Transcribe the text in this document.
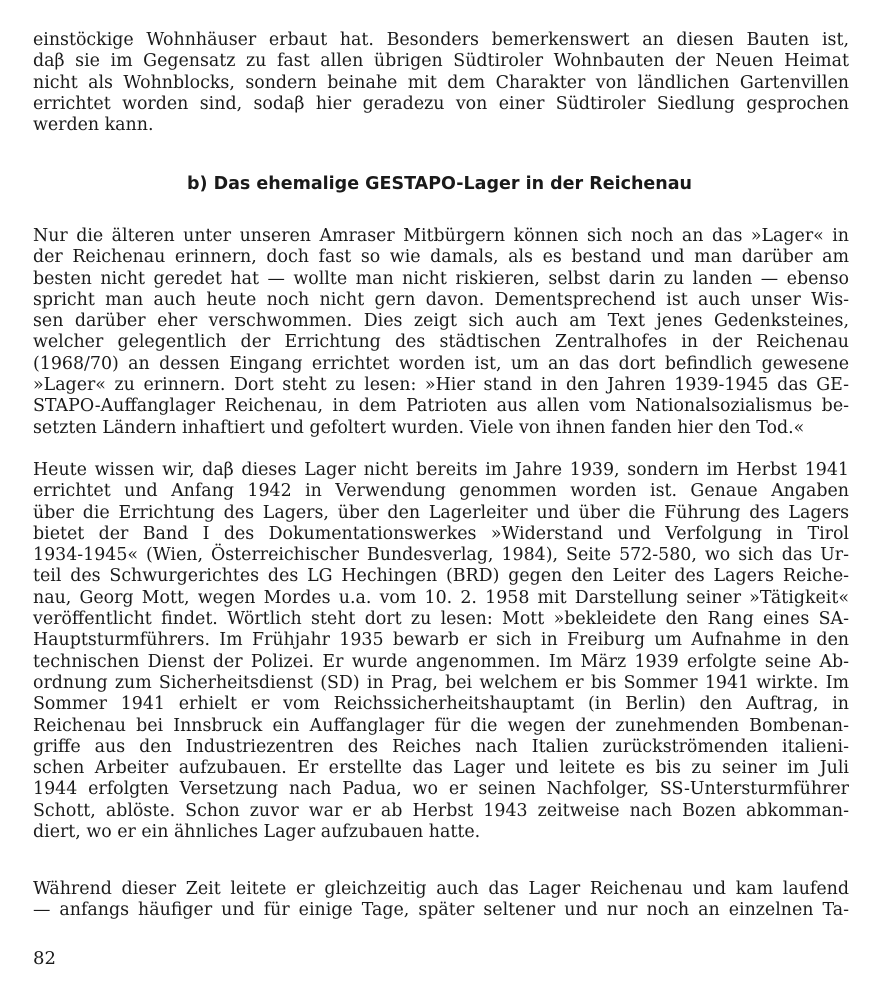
einstöckige Wohnhäuser erbaut hat. Besonders bemerkenswert an diesen Bauten ist,
daβ sie im Gegensatz zu fast allen übrigen Südtiroler Wohnbauten der Neuen Heimat
nicht als Wohnblocks, sondern beinahe mit dem Charakter von ländlichen Gartenvillen
errichtet worden sind, sodaβ hier geradezu von einer Südtiroler Siedlung gesprochen
werden kann.
b) Das ehemalige GESTAPO-Lager in der Reichenau
Nur die älteren unter unseren Amraser Mitbürgern können sich noch an das »Lager« in
der Reichenau erinnern, doch fast so wie damals, als es bestand und man darüber am
besten nicht geredet hat — wollte man nicht riskieren, selbst darin zu landen — ebenso
spricht man auch heute noch nicht gern davon. Dementsprechend ist auch unser Wis-
sen darüber eher verschwommen. Dies zeigt sich auch am Text jenes Gedenksteines,
welcher gelegentlich der Errichtung des städtischen Zentralhofes in der Reichenau
(1968/70) an dessen Eingang errichtet worden ist, um an das dort befindlich gewesene
»Lager« zu erinnern. Dort steht zu lesen: »Hier stand in den Jahren 1939-1945 das GE-
STAPO-Auffanglager Reichenau, in dem Patrioten aus allen vom Nationalsozialismus be-
setzten Ländern inhaftiert und gefoltert wurden. Viele von ihnen fanden hier den Tod.«
Heute wissen wir, daβ dieses Lager nicht bereits im Jahre 1939, sondern im Herbst 1941
errichtet und Anfang 1942 in Verwendung genommen worden ist. Genaue Angaben
über die Errichtung des Lagers, über den Lagerleiter und über die Führung des Lagers
bietet der Band I des Dokumentationswerkes »Widerstand und Verfolgung in Tirol
1934-1945« (Wien, Österreichischer Bundesverlag, 1984), Seite 572-580, wo sich das Ur-
teil des Schwurgerichtes des LG Hechingen (BRD) gegen den Leiter des Lagers Reiche-
nau, Georg Mott, wegen Mordes u.a. vom 10. 2. 1958 mit Darstellung seiner »Tätigkeit«
veröffentlicht findet. Wörtlich steht dort zu lesen: Mott »bekleidete den Rang eines SA-
Hauptsturmführers. Im Frühjahr 1935 bewarb er sich in Freiburg um Aufnahme in den
technischen Dienst der Polizei. Er wurde angenommen. Im März 1939 erfolgte seine Ab-
ordnung zum Sicherheitsdienst (SD) in Prag, bei welchem er bis Sommer 1941 wirkte. Im
Sommer 1941 erhielt er vom Reichssicherheitshauptamt (in Berlin) den Auftrag, in
Reichenau bei Innsbruck ein Auffanglager für die wegen der zunehmenden Bombenan-
griffe aus den Industriezentren des Reiches nach Italien zurückströmenden italieni-
schen Arbeiter aufzubauen. Er erstellte das Lager und leitete es bis zu seiner im Juli
1944 erfolgten Versetzung nach Padua, wo er seinen Nachfolger, SS-Untersturmführer
Schott, ablöste. Schon zuvor war er ab Herbst 1943 zeitweise nach Bozen abkomman-
diert, wo er ein ähnliches Lager aufzubauen hatte.
Während dieser Zeit leitete er gleichzeitig auch das Lager Reichenau und kam laufend
— anfangs häufiger und für einige Tage, später seltener und nur noch an einzelnen Ta-
82
